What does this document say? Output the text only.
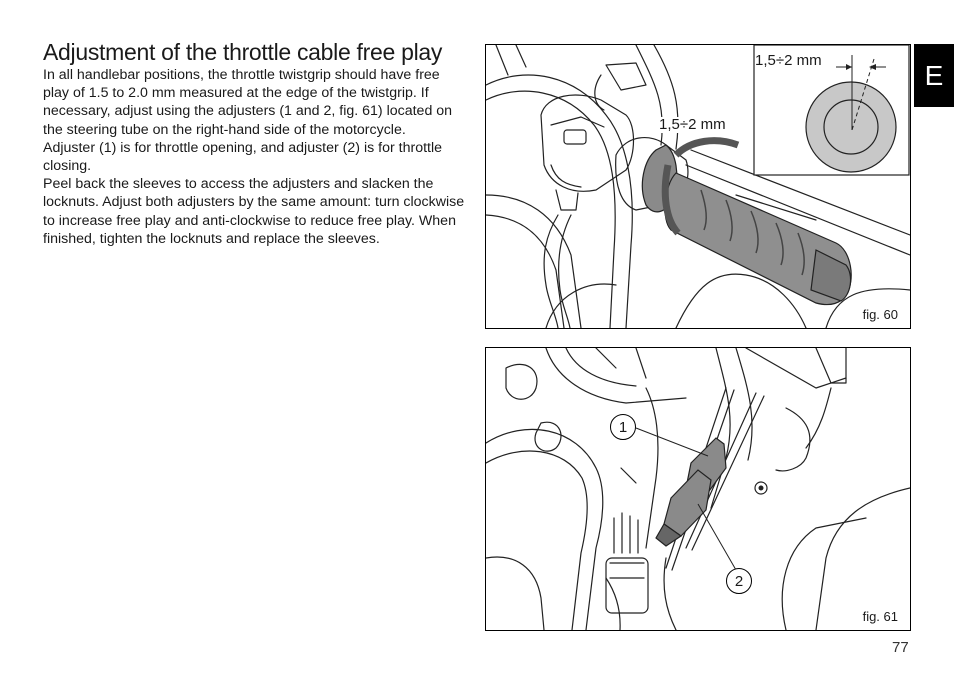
E
Adjustment of the throttle cable free play

In all handlebar positions, the throttle twistgrip should have free play of 1.5 to 2.0 mm measured at the edge of the twistgrip. If necessary, adjust using the adjusters (1 and 2, fig. 61) located on the steering tube on the right-hand side of the motorcycle.

Adjuster (1) is for throttle opening, and adjuster (2) is for throttle closing.

Peel back the sleeves to access the adjusters and slacken the locknuts. Adjust both adjusters by the same amount: turn clockwise to increase free play and anti-clockwise to reduce free play. When finished, tighten the locknuts and replace the sleeves.

1,5÷2 mm
1,5÷2 mm
fig. 60
1
2
fig. 61
77
